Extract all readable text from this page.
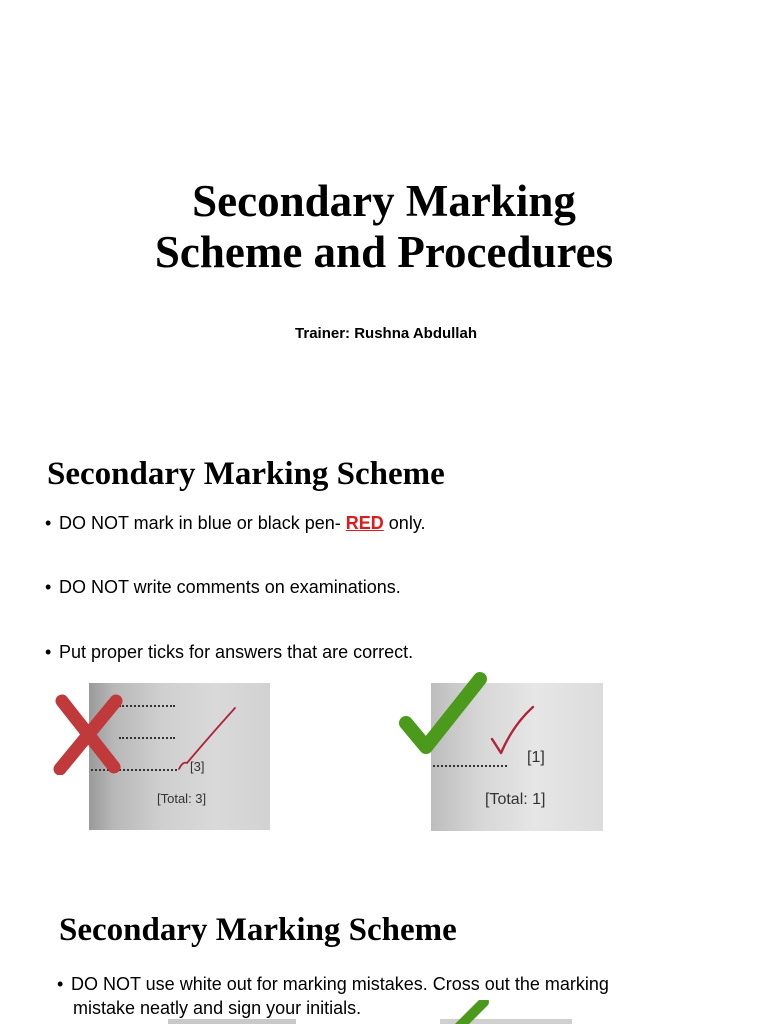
Secondary Marking
Scheme and Procedures
Trainer: Rushna Abdullah
Secondary Marking Scheme
• DO NOT mark in blue or black pen- RED only.
• DO NOT write comments on examinations.
• Put proper ticks for answers that are correct.
[3]
[Total: 3]
[1]
[Total: 1]
Secondary Marking Scheme
• DO NOT use white out for marking mistakes. Cross out the marking
mistake neatly and sign your initials.
